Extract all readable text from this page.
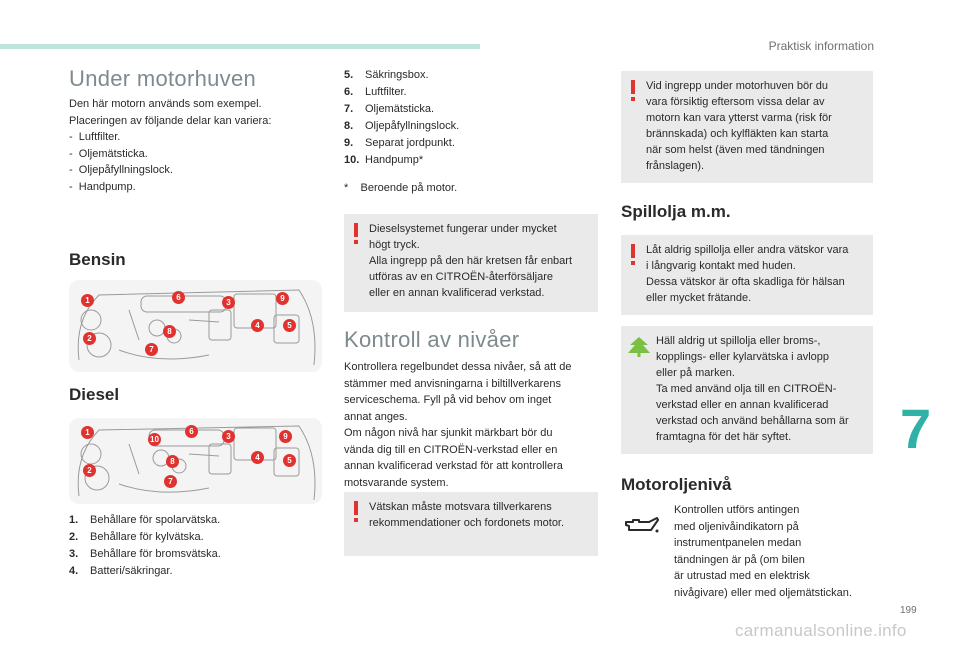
Praktisk information
Under motorhuven
Den här motorn används som exempel.
Placeringen av följande delar kan variera:
-  Luftfilter.
-  Oljemätsticka.
-  Oljepåfyllningslock.
-  Handpump.
Bensin
1
2
3
4	5
6
7
8
9
Diesel
1
2
3
4	5
6
7
8
9
10
1.	Behållare för spolarvätska.
2.	Behållare för kylvätska.
3.	Behållare för bromsvätska.
4.	Batteri/säkringar.
5.	Säkringsbox.
6.	Luftfilter.
7.	Oljemätsticka.
8.	Oljepåfyllningslock.
9.	Separat jordpunkt.
10. Handpump*
*    Beroende på motor.
Dieselsystemet fungerar under mycket
högt tryck.
Alla ingrepp på den här kretsen får enbart
utföras av en CITROËN-återförsäljare
eller en annan kvalificerad verkstad.
Kontroll av nivåer
Kontrollera regelbundet dessa nivåer, så att de
stämmer med anvisningarna i biltillverkarens
serviceschema. Fyll på vid behov om inget
annat anges.
Om någon nivå har sjunkit märkbart bör du
vända dig till en CITROËN-verkstad eller en
annan kvalificerad verkstad för att kontrollera
motsvarande system.
Vätskan måste motsvara tillverkarens
rekommendationer och fordonets motor.
Vid ingrepp under motorhuven bör du
vara försiktig eftersom vissa delar av
motorn kan vara ytterst varma (risk för
brännskada) och kylfläkten kan starta
när som helst (även med tändningen
frånslagen).
Spillolja m.m.
Låt aldrig spillolja eller andra vätskor vara
i långvarig kontakt med huden.
Dessa vätskor är ofta skadliga för hälsan
eller mycket frätande.
Häll aldrig ut spillolja eller broms-,
kopplings- eller kylarvätska i avlopp
eller på marken.
Ta med använd olja till en CITROËN-
verkstad eller en annan kvalificerad
verkstad och använd behållarna som är
framtagna för det här syftet.
Motoroljenivå
Kontrollen utförs antingen
med oljenivåindikatorn på
instrumentpanelen medan
tändningen är på (om bilen
är utrustad med en elektrisk
nivågivare) eller med oljemätstickan.
7
199
carmanualsonline.info
